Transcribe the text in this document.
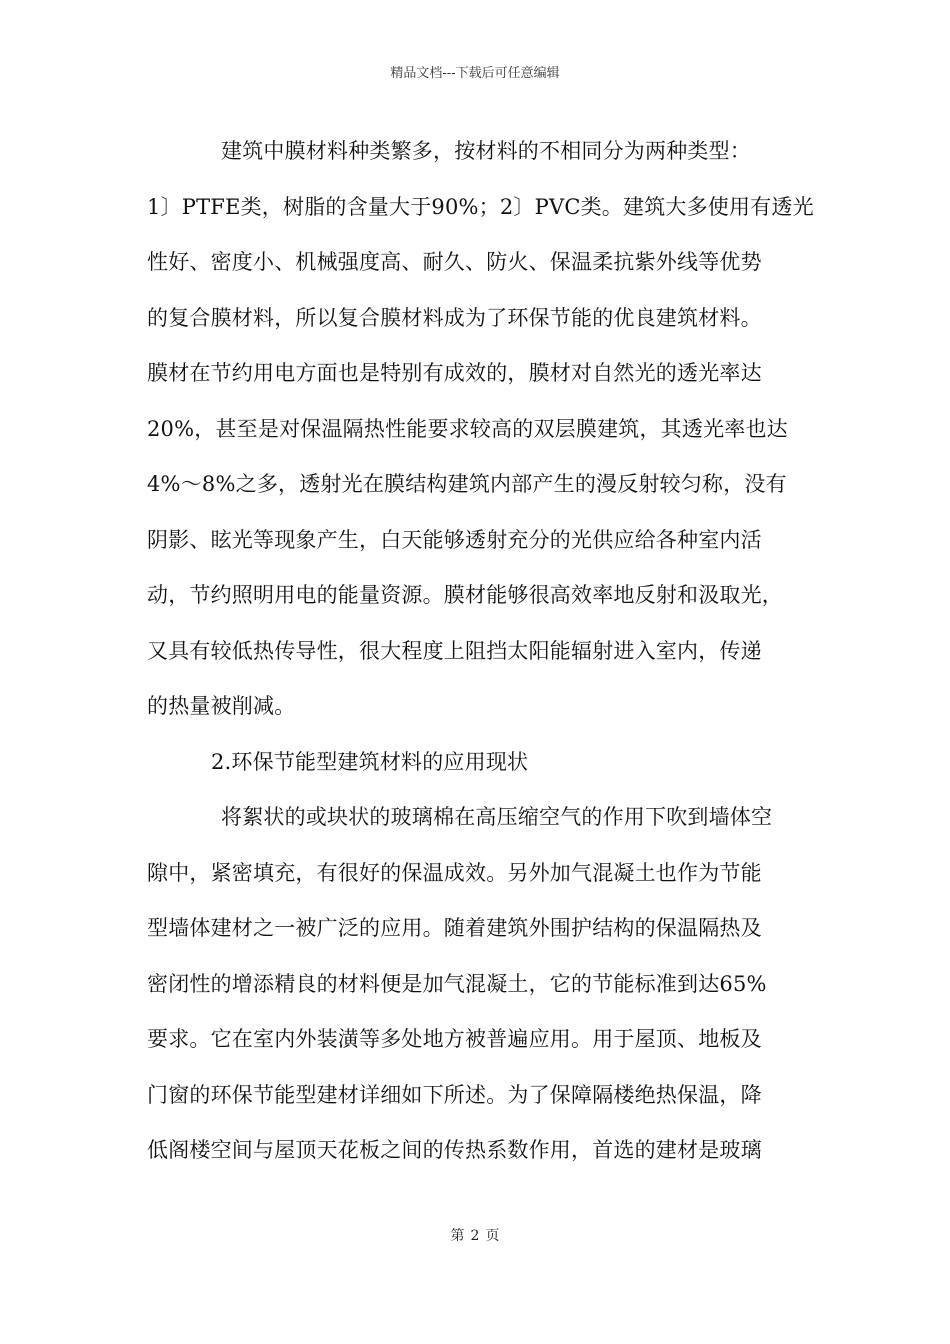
精品文档---下载后可任意编辑
建筑中膜材料种类繁多，按材料的不相同分为两种类型：
1〕PTFE类，树脂的含量大于90%；2〕PVC类。建筑大多使用有透光
性好、密度小、机械强度高、耐久、防火、保温柔抗紫外线等优势
的复合膜材料，所以复合膜材料成为了环保节能的优良建筑材料。
膜材在节约用电方面也是特别有成效的，膜材对自然光的透光率达
20%，甚至是对保温隔热性能要求较高的双层膜建筑，其透光率也达
4%～8%之多，透射光在膜结构建筑内部产生的漫反射较匀称，没有
阴影、眩光等现象产生，白天能够透射充分的光供应给各种室内活
动，节约照明用电的能量资源。膜材能够很高效率地反射和汲取光，
又具有较低热传导性，很大程度上阻挡太阳能辐射进入室内，传递
的热量被削减。
2.环保节能型建筑材料的应用现状
将絮状的或块状的玻璃棉在高压缩空气的作用下吹到墙体空
隙中，紧密填充，有很好的保温成效。另外加气混凝土也作为节能
型墙体建材之一被广泛的应用。随着建筑外围护结构的保温隔热及
密闭性的增添精良的材料便是加气混凝土，它的节能标准到达65%
要求。它在室内外装潢等多处地方被普遍应用。用于屋顶、地板及
门窗的环保节能型建材详细如下所述。为了保障隔楼绝热保温，降
低阁楼空间与屋顶天花板之间的传热系数作用，首选的建材是玻璃
第 2 页
